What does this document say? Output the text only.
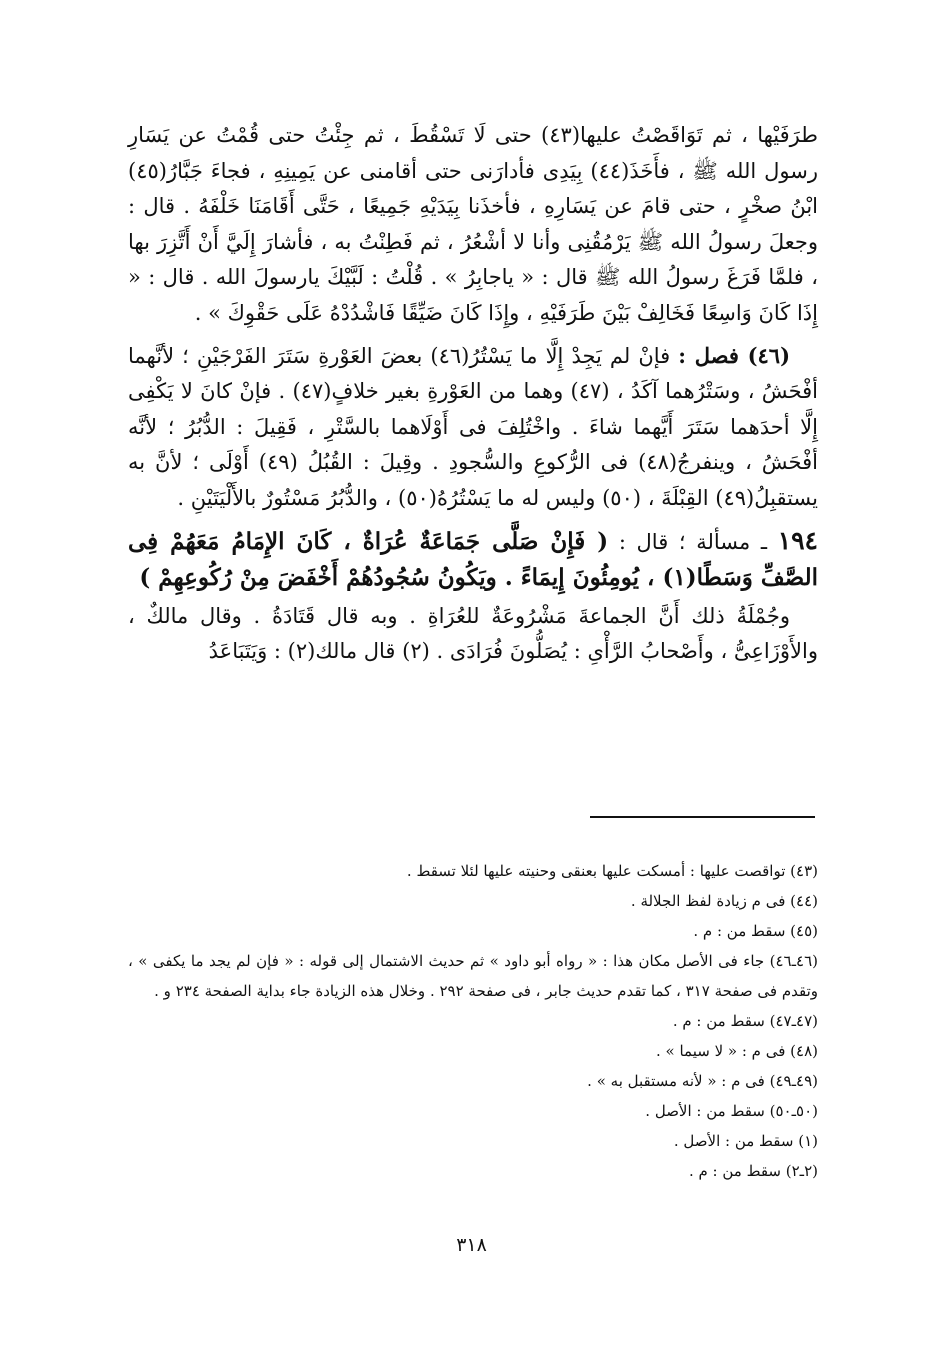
طرَفَيْها ، ثم تَوَاقَصْتُ عليها(٤٣) حتى لَا تَسْقُطَ ، ثم جِئْتُ حتى قُمْتُ عن يَسَارِ رسول الله ﷺ ، فأَخَذَ(٤٤) بِيَدِى فأدارَنى حتى أقامنى عن يَمِينِهِ ، فجاءَ جَبَّارُ(٤٥) ابْنُ صخْرٍ ، حتى قامَ عن يَسَارِهِ ، فأخذَنا بِيَدَيْهِ جَمِيعًا ، حَتَّى أَقَامَنَا خَلْفَهُ . قال : وجعلَ رسولُ الله ﷺ يَرْمُقُنِى وأنا لا أشْعُرُ ، ثم فَطِنْتُ به ، فأشارَ إِلَيَّ أَنْ أَتَّزِرَ بها ، فلمَّا فَرَغَ رسولُ الله ﷺ قال : « ياجابِرُ » . قُلْتُ : لَبَّيْكَ يارسولَ الله . قال : « إِذَا كَانَ وَاسِعًا فَخَالِفْ بَيْنَ طَرَفَيْهِ ، وإِذَا كَانَ ضَيِّقًا فَاشْدُدْهُ عَلَى حَقْوِكَ » .

(٤٦) فصل : فإنْ لم يَجِدْ إِلَّا ما يَسْتُرُ(٤٦) بعضَ العَوْرةِ سَتَرَ الفَرْجَيْنِ ؛ لأنَّهما أفْحَشُ ، وسَتْرُهما آكَدُ ، (٤٧) وهما من العَوْرةِ بغير خلافٍ(٤٧) . فإنْ كانَ لا يَكْفِى إِلَّا أحدَهما سَتَرَ أَيَّهما شاءَ . واخْتُلِفَ فى أَوْلَاهما بالسَّتْرِ ، فَقِيلَ : الدُّبُرُ ؛ لأنَّه أفْحَشُ ، وينفرجُ(٤٨) فى الرُّكوعِ والسُّجودِ . وقِيلَ : القُبُلُ (٤٩) أَوْلَى ؛ لأنَّ به يستقبِلُ(٤٩) القِبْلَةَ ، (٥٠) وليس له ما يَسْتُرُهُ(٥٠) ، والدُّبُرُ مَسْتُورٌ بالأَلْيَتَيْنِ .

١٩٤ ـ مسألة ؛ قال : ( فَإِنْ صَلَّى جَمَاعَةٌ عُرَاةٌ ، كَانَ الإِمَامُ مَعَهُمْ فِى الصَّفِّ وَسَطًا(١) ، يُومِئُونَ إِيمَاءً . ويَكُونُ سُجُودُهُمْ أَخْفَضَ مِنْ رُكُوعِهِمْ )

وجُمْلَةُ ذلك أَنَّ الجماعةَ مَشْرُوعَةٌ للعُرَاةِ . وبه قال قَتَادَةُ . وقال مالكٌ ، والأَوْزَاعِىُّ ، وأَصْحابُ الرَّأْىِ : يُصَلُّونَ فُرَادَى . (٢) قال مالك(٢) : وَيَتَبَاعَدُ

(٤٣) تواقصت عليها : أمسكت عليها بعنقى وحنيته عليها لئلا تسقط .
(٤٤) فى م زيادة لفظ الجلالة .
(٤٥) سقط من : م .
(٤٦ـ٤٦) جاء فى الأصل مكان هذا : « رواه أبو داود » ثم حديث الاشتمال إلى قوله : « فإن لم يجد ما يكفى » ، وتقدم فى صفحة ٣١٧ ، كما تقدم حديث جابر ، فى صفحة ٢٩٢ . وخلال هذه الزيادة جاء بداية الصفحة ٢٣٤ و .
(٤٧ـ٤٧) سقط من : م .
(٤٨) فى م : « لا سيما » .
(٤٩ـ٤٩) فى م : « لأنه مستقبل به » .
(٥٠ـ٥٠) سقط من : الأصل .
(١) سقط من : الأصل .
(٢ـ٢) سقط من : م .
٣١٨
